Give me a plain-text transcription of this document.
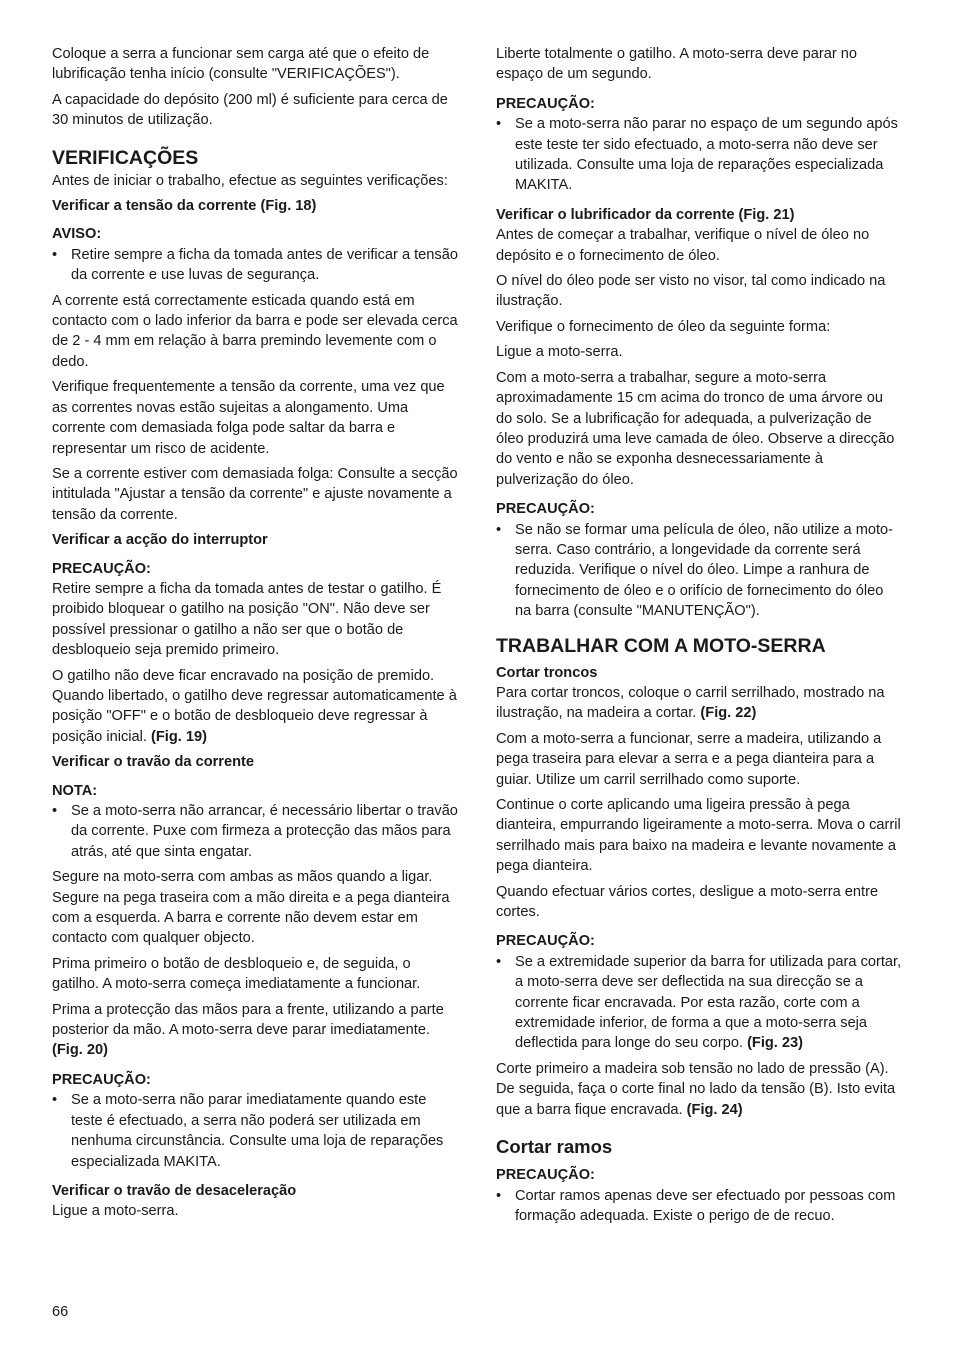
Coloque a serra a funcionar sem carga até que o efeito de lubrificação tenha início (consulte "VERIFICAÇÕES").

A capacidade do depósito (200 ml) é suficiente para cerca de 30 minutos de utilização.

VERIFICAÇÕES

Antes de iniciar o trabalho, efectue as seguintes verificações:

Verificar a tensão da corrente (Fig. 18)

AVISO:

• Retire sempre a ficha da tomada antes de verificar a tensão da corrente e use luvas de segurança.

A corrente está correctamente esticada quando está em contacto com o lado inferior da barra e pode ser elevada cerca de 2 - 4 mm em relação à barra premindo levemente com o dedo.

Verifique frequentemente a tensão da corrente, uma vez que as correntes novas estão sujeitas a alongamento. Uma corrente com demasiada folga pode saltar da barra e representar um risco de acidente.

Se a corrente estiver com demasiada folga: Consulte a secção intitulada "Ajustar a tensão da corrente" e ajuste novamente a tensão da corrente.

Verificar a acção do interruptor

PRECAUÇÃO:

Retire sempre a ficha da tomada antes de testar o gatilho. É proibido bloquear o gatilho na posição "ON". Não deve ser possível pressionar o gatilho a não ser que o botão de desbloqueio seja premido primeiro.

O gatilho não deve ficar encravado na posição de premido. Quando libertado, o gatilho deve regressar automaticamente à posição "OFF" e o botão de desbloqueio deve regressar à posição inicial. (Fig. 19)

Verificar o travão da corrente

NOTA:

• Se a moto-serra não arrancar, é necessário libertar o travão da corrente. Puxe com firmeza a protecção das mãos para atrás, até que sinta engatar.

Segure na moto-serra com ambas as mãos quando a ligar. Segure na pega traseira com a mão direita e a pega dianteira com a esquerda. A barra e corrente não devem estar em contacto com qualquer objecto.

Prima primeiro o botão de desbloqueio e, de seguida, o gatilho. A moto-serra começa imediatamente a funcionar.

Prima a protecção das mãos para a frente, utilizando a parte posterior da mão. A moto-serra deve parar imediatamente. (Fig. 20)

PRECAUÇÃO:

• Se a moto-serra não parar imediatamente quando este teste é efectuado, a serra não poderá ser utilizada em nenhuma circunstância. Consulte uma loja de reparações especializada MAKITA.

Verificar o travão de desaceleração

Ligue a moto-serra.

Liberte totalmente o gatilho. A moto-serra deve parar no espaço de um segundo.

PRECAUÇÃO:

• Se a moto-serra não parar no espaço de um segundo após este teste ter sido efectuado, a moto-serra não deve ser utilizada. Consulte uma loja de reparações especializada MAKITA.

Verificar o lubrificador da corrente (Fig. 21)

Antes de começar a trabalhar, verifique o nível de óleo no depósito e o fornecimento de óleo.

O nível do óleo pode ser visto no visor, tal como indicado na ilustração.

Verifique o fornecimento de óleo da seguinte forma:

Ligue a moto-serra.

Com a moto-serra a trabalhar, segure a moto-serra aproximadamente 15 cm acima do tronco de uma árvore ou do solo. Se a lubrificação for adequada, a pulverização de óleo produzirá uma leve camada de óleo. Observe a direcção do vento e não se exponha desnecessariamente à pulverização do óleo.

PRECAUÇÃO:

• Se não se formar uma película de óleo, não utilize a moto-serra. Caso contrário, a longevidade da corrente será reduzida. Verifique o nível do óleo. Limpe a ranhura de fornecimento de óleo e o orifício de fornecimento do óleo na barra (consulte "MANUTENÇÃO").
TRABALHAR COM A MOTO-SERRA

Cortar troncos

Para cortar troncos, coloque o carril serrilhado, mostrado na ilustração, na madeira a cortar. (Fig. 22)

Com a moto-serra a funcionar, serre a madeira, utilizando a pega traseira para elevar a serra e a pega dianteira para a guiar. Utilize um carril serrilhado como suporte.

Continue o corte aplicando uma ligeira pressão à pega dianteira, empurrando ligeiramente a moto-serra. Mova o carril serrilhado mais para baixo na madeira e levante novamente a pega dianteira.

Quando efectuar vários cortes, desligue a moto-serra entre cortes.

PRECAUÇÃO:

• Se a extremidade superior da barra for utilizada para cortar, a moto-serra deve ser deflectida na sua direcção se a corrente ficar encravada. Por esta razão, corte com a extremidade inferior, de forma a que a moto-serra seja deflectida para longe do seu corpo. (Fig. 23)

Corte primeiro a madeira sob tensão no lado de pressão (A). De seguida, faça o corte final no lado da tensão (B). Isto evita que a barra fique encravada. (Fig. 24)

Cortar ramos

PRECAUÇÃO:

• Cortar ramos apenas deve ser efectuado por pessoas com formação adequada. Existe o perigo de de recuo.
66
